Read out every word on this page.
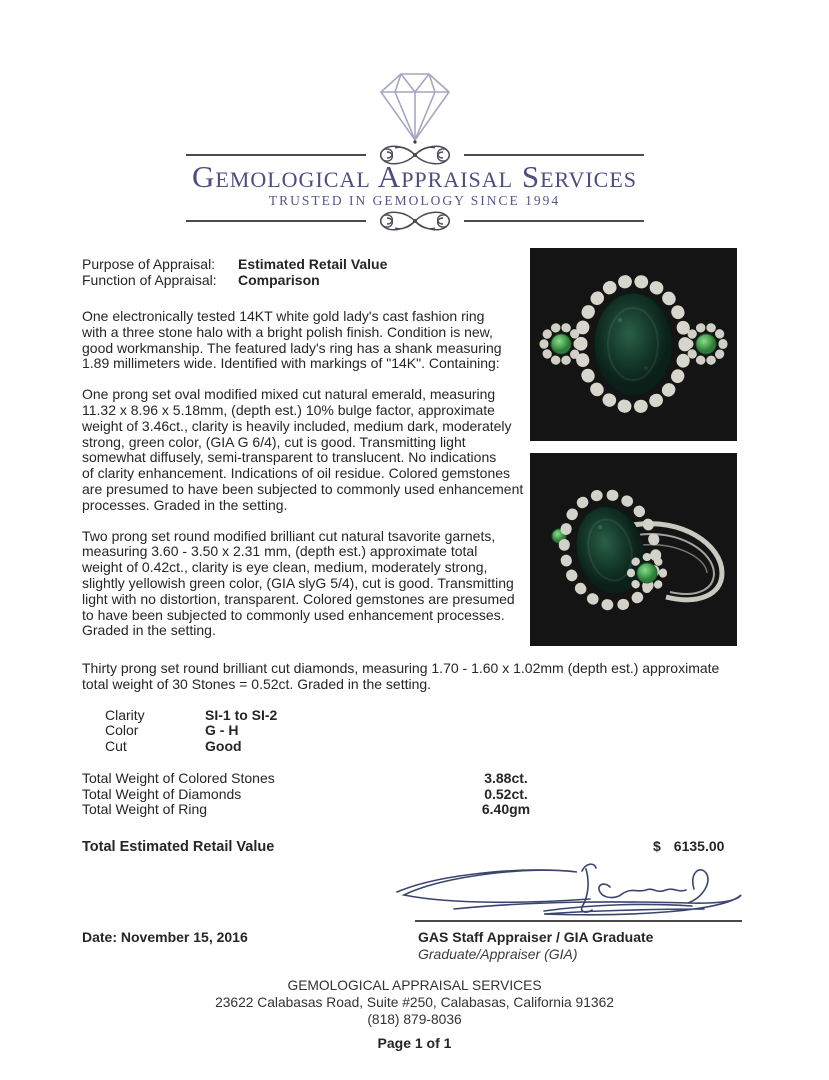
Gemological Appraisal Services
TRUSTED IN GEMOLOGY SINCE 1994
Purpose of Appraisal:	Estimated Retail Value
Function of Appraisal:	Comparison
One electronically tested 14KT white gold lady's cast fashion ring
with a three stone halo with a bright polish finish. Condition is new,
good workmanship. The featured lady's ring has a shank measuring
1.89 millimeters wide. Identified with markings of "14K". Containing:
One prong set oval modified mixed cut natural emerald, measuring
11.32 x 8.96 x 5.18mm, (depth est.) 10% bulge factor, approximate
weight of 3.46ct., clarity is heavily included, medium dark, moderately
strong, green color, (GIA G 6/4), cut is good. Transmitting light
somewhat diffusely, semi-transparent to translucent. No indications
of clarity enhancement. Indications of oil residue. Colored gemstones
are presumed to have been subjected to commonly used enhancement
processes. Graded in the setting.
Two prong set round modified brilliant cut natural tsavorite garnets,
measuring 3.60 - 3.50 x 2.31 mm, (depth est.) approximate total
weight of 0.42ct., clarity is eye clean, medium, moderately strong,
slightly yellowish green color, (GIA slyG 5/4), cut is good. Transmitting
light with no distortion, transparent. Colored gemstones are presumed
to have been subjected to commonly used enhancement processes.
Graded in the setting.
Thirty prong set round brilliant cut diamonds, measuring 1.70 - 1.60 x 1.02mm (depth est.) approximate
total weight of 30 Stones = 0.52ct. Graded in the setting.
Clarity	SI-1 to SI-2
Color	G - H
Cut	Good
Total Weight of Colored Stones	3.88ct.
Total Weight of Diamonds	0.52ct.
Total Weight of Ring	6.40gm
Total Estimated Retail Value	$ 6135.00
GAS Staff Appraiser / GIA Graduate
Graduate/Appraiser (GIA)
Date: November 15, 2016
GEMOLOGICAL APPRAISAL SERVICES
23622 Calabasas Road, Suite #250, Calabasas, California 91362
(818) 879-8036
Page 1 of 1
